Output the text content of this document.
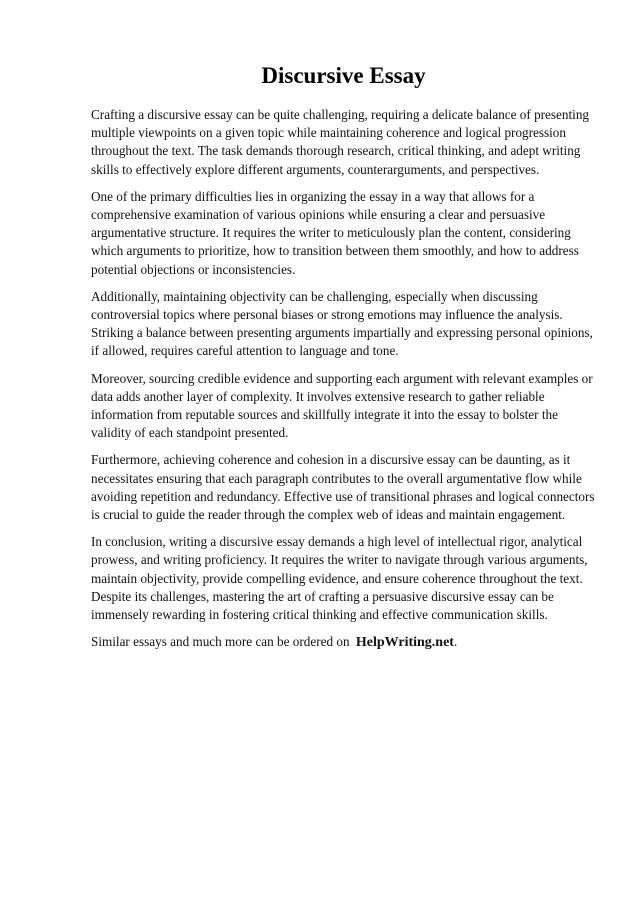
Discursive Essay

Crafting a discursive essay can be quite challenging, requiring a delicate balance of presenting multiple viewpoints on a given topic while maintaining coherence and logical progression throughout the text. The task demands thorough research, critical thinking, and adept writing skills to effectively explore different arguments, counterarguments, and perspectives.

One of the primary difficulties lies in organizing the essay in a way that allows for a comprehensive examination of various opinions while ensuring a clear and persuasive argumentative structure. It requires the writer to meticulously plan the content, considering which arguments to prioritize, how to transition between them smoothly, and how to address potential objections or inconsistencies.

Additionally, maintaining objectivity can be challenging, especially when discussing controversial topics where personal biases or strong emotions may influence the analysis. Striking a balance between presenting arguments impartially and expressing personal opinions, if allowed, requires careful attention to language and tone.

Moreover, sourcing credible evidence and supporting each argument with relevant examples or data adds another layer of complexity. It involves extensive research to gather reliable information from reputable sources and skillfully integrate it into the essay to bolster the validity of each standpoint presented.

Furthermore, achieving coherence and cohesion in a discursive essay can be daunting, as it necessitates ensuring that each paragraph contributes to the overall argumentative flow while avoiding repetition and redundancy. Effective use of transitional phrases and logical connectors is crucial to guide the reader through the complex web of ideas and maintain engagement.

In conclusion, writing a discursive essay demands a high level of intellectual rigor, analytical prowess, and writing proficiency. It requires the writer to navigate through various arguments, maintain objectivity, provide compelling evidence, and ensure coherence throughout the text. Despite its challenges, mastering the art of crafting a persuasive discursive essay can be immensely rewarding in fostering critical thinking and effective communication skills.

Similar essays and much more can be ordered on HelpWriting.net.
